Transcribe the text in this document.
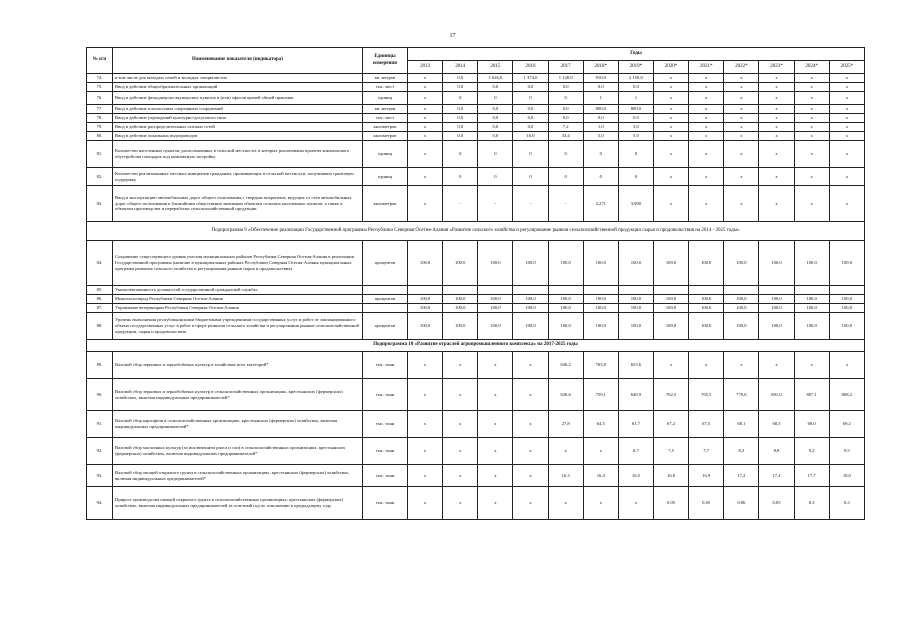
17
№ п/п	Наименование показателя (индикатора)	Единицы измерения	Годы												
			2013	2014	2015	2016	2017	2018*	2019*	2020*	2021*	2022*	2023*	2024*	2025*
74.	в том числе для молодых семей и молодых специалистов	кв. метров	x	0,0	1 626,0	1 374,0	1 128,0	910,0	2 150,0	x	x	x	x	x	x
75.	Ввод в действие общеобразовательных организаций	тыс. мест	x	0,0	0,0	0,0	0,0	0,0	0,0	x	x	x	x	x	x
76.	Ввод в действие фельдшерско-акушерских пунктов и (или) офисов врачей общей практики	единиц	x	0	0	0	0	1	1	x	x	x	x	x	x
77.	Ввод в действие плоскостных спортивных сооружений	кв. метров	x	0,0	0,0	0,0	0,0	800,0	800,0	x	x	x	x	x	x
78.	Ввод в действие учреждений культурно-досугового типа	тыс. мест	x	0,0	0,0	0,0	0,0	0,0	0,0	x	x	x	x	x	x
79.	Ввод в действие распределительных газовых сетей	километров	x	0,0	0,0	0,0	7,2	1,0	3,0	x	x	x	x	x	x
80.	Ввод в действие локальных водопроводов	километров	x	0,0	0,0	16,0	33,4	5,0	5,0	x	x	x	x	x	x
81.	Количество населенных пунктов, расположенных в сельской местности, в которых реализованы проекты комплексного обустройства площадок под компактную застройку	единиц	x	0	0	0	0	0	0	x	x	x	x	x	x
82.	Количество реализованных местных инициатив гражданам, проживающих в сельской местности, получивших грантовую поддержку	единиц	x	0	0	0	0	0	0	x	x	x	x	x	x
83.	Ввод в эксплуатацию автомобильных дорог общего пользования с твердым покрытием, ведущих от сети автомобильных дорог общего пользования к ближайшим общественно значимым объектам сельских населенных пунктов, а также к объектам производства и переработки сельскохозяйственной продукции	километров	x	-	-	-	-	2,271	3,900	x	x	x	x	x	x
Подпрограмма 9 «Обеспечение реализации Государственной программы Республики Северная Осетия-Алания «Развитие сельского хозяйства и регулирование рынков сельскохозяйственной продукции сырья и продовольствия на 2014 - 2025 годы»															
84.	Сохранение существующего уровня участия муниципальных районов Республики Северная Осетия-Алания в реализации Государственной программы (наличие в муниципальных районах Республики Северная Осетия-Алания муниципальных программ развития сельского хозяйства и регулирования рынков сырья и продовольствия)	процентов	100,0	100,0	100,0	100,0	100,0	100,0	100,0	100,0	100,0	100,0	100,0	100,0	100,0
85.	Укомплектованность должностей государственной гражданской службы:														
86.	Минсельхозпрод Республики Северная Осетия-Алания	процентов	100,0	100,0	100,0	100,0	100,0	100,0	100,0	100,0	100,0	100,0	100,0	100,0	100,0
87.	Управление ветеринарии Республики Северная Осетия-Алания		100,0	100,0	100,0	100,0	100,0	100,0	100,0	100,0	100,0	100,0	100,0	100,0	100,0
88.	Уровень выполнения республиканскими бюджетными учреждениями государственных услуг и работ от запланированного объема государственных услуг в работ в сфере развития сельского хозяйства и регулирования рынков сельскохозяйственной продукции, сырья и продовольствия	процентов	100,0	100,0	100,0	100,0	100,0	100,0	100,0	100,0	100,0	100,0	100,0	100,0	100,0
Подпрограмма 10 «Развитие отраслей агропромышленного комплекса» на 2017-2025 годы															
89.	Валовой сбор зерновых и зернобобовых культур в хозяйствах всех категорий*	тыс. тонн	x	x	x	x	636,2	763,8	653,6	x	x	x	x	x	x
90.	Валовой сбор зерновых и зернобобовых культур в сельскохозяйственных организациях, крестьянских (фермерских) хозяйствах, включая индивидуальных предпринимателей*	тыс. тонн	x	x	x	x	630,6	759,1	648,9	762,5	765,5	779,6	801,0	807,1	808,2
91.	Валовой сбор картофеля в сельскохозяйственных организациях, крестьянских (фермерских) хозяйствах, включая индивидуальных предпринимателей*	тыс. тонн	x	x	x	x	27,8	64,5	61,7	67,2	67,5	68,1	68,5	69,0	69,2
92.	Валовой сбор масличных культур (за исключением рапса и сои) в сельскохозяйственных организациях, крестьянских (фермерских) хозяйствах, включая индивидуальных предпринимателей*	тыс. тонн	x	x	x	x	x	x	6,7	7,5	7,7	8,3	8,8	9,2	9,5
93.	Валовой сбор овощей открытого грунта в сельскохозяйственных организациях, крестьянских (фермерских) хозяйствах, включая индивидуальных предпринимателей*	тыс. тонн	x	x	x	x	16,3	16,4	16,5	16,8	16,9	17,2	17,4	17,7	18,0
94.	Прирост производства овощей открытого грунта в сельскохозяйственных организациях, крестьянских (фермерских) хозяйствах, включая индивидуальных предпринимателей за отчетный год по отношению к предыдущему году	тыс. тонн	x	x	x	x	x	x	x	0,05	0,05	0,06	0,05	0,3	0,3
